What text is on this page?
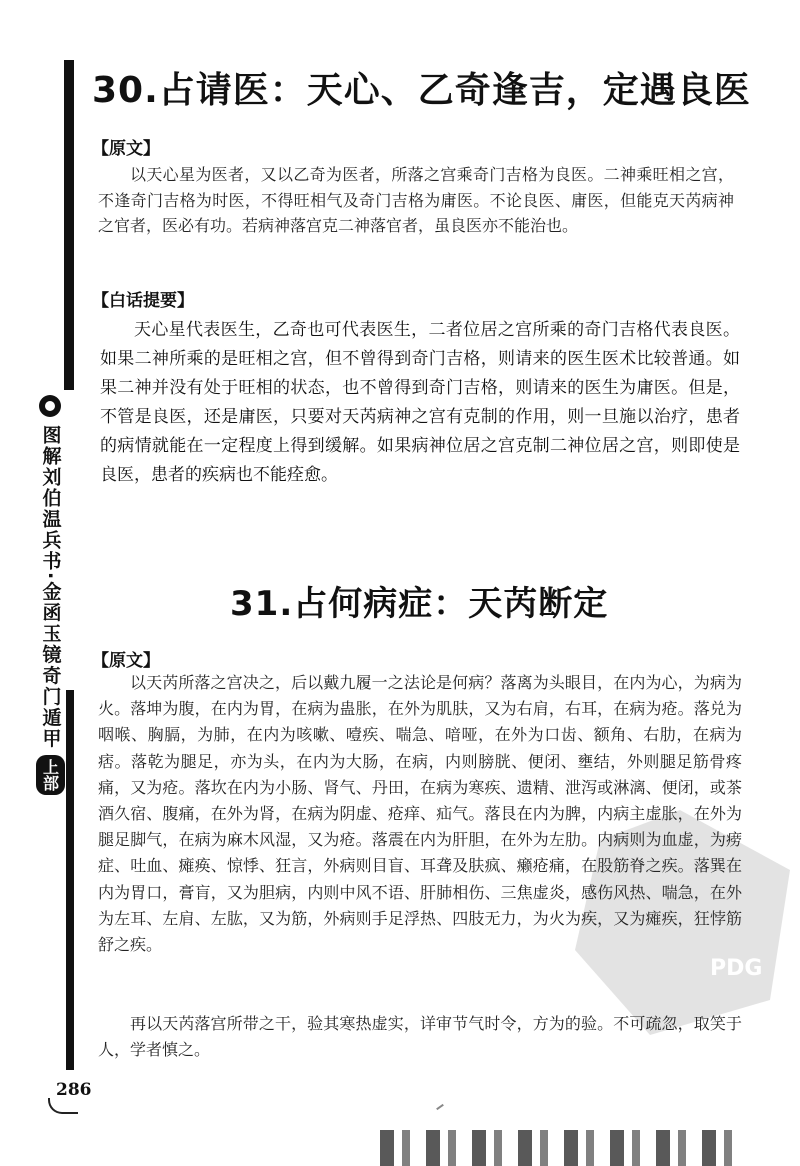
图解刘伯温兵书·金函玉镜奇门遁甲
上部
30.占请医：天心、乙奇逢吉，定遇良医
【原文】

以天心星为医者，又以乙奇为医者，所落之宫乘奇门吉格为良医。二神乘旺相之宫，不逢奇门吉格为时医，不得旺相气及奇门吉格为庸医。不论良医、庸医，但能克天芮病神之官者，医必有功。若病神落宫克二神落官者，虽良医亦不能治也。

【白话提要】

天心星代表医生，乙奇也可代表医生，二者位居之宫所乘的奇门吉格代表良医。如果二神所乘的是旺相之宫，但不曾得到奇门吉格，则请来的医生医术比较普通。如果二神并没有处于旺相的状态，也不曾得到奇门吉格，则请来的医生为庸医。但是，不管是良医，还是庸医，只要对天芮病神之宫有克制的作用，则一旦施以治疗，患者的病情就能在一定程度上得到缓解。如果病神位居之宫克制二神位居之宫，则即使是良医，患者的疾病也不能痊愈。

31.占何病症：天芮断定
【原文】

以天芮所落之宫决之，后以戴九履一之法论是何病？落离为头眼目，在内为心，为病为火。落坤为腹，在内为胃，在病为蛊胀，在外为肌肤，又为右肩，右耳，在病为疮。落兑为咽喉、胸膈，为肺，在内为咳嗽、噎疾、喘急、喑哑，在外为口齿、额角、右肋，在病为痞。落乾为腿足，亦为头，在内为大肠，在病，内则膀胱、便闭、壅结，外则腿足筋骨疼痛，又为疮。落坎在内为小肠、肾气、丹田，在病为寒疾、遗精、泄泻或淋漓、便闭，或茶酒久宿、腹痛，在外为肾，在病为阴虚、疮痒、疝气。落艮在内为脾，内病主虚胀，在外为腿足脚气，在病为麻木风湿，又为疮。落震在内为肝胆，在外为左肋。内病则为血虚，为痨症、吐血、瘫痪、惊悸、狂言，外病则目盲、耳聋及肤疯、癞疮痛，在股筋脊之疾。落巽在内为胃口，膏肓，又为胆病，内则中风不语、肝肺相伤、三焦虚炎，感伤风热、喘急，在外为左耳、左肩、左肱，又为筋，外病则手足浮热、四肢无力，为火为疾，又为瘫疾，狂悖筋舒之疾。

再以天芮落宫所带之干，验其寒热虚实，详审节气时令，方为的验。不可疏忽，取笑于人，学者慎之。

PDG
286
